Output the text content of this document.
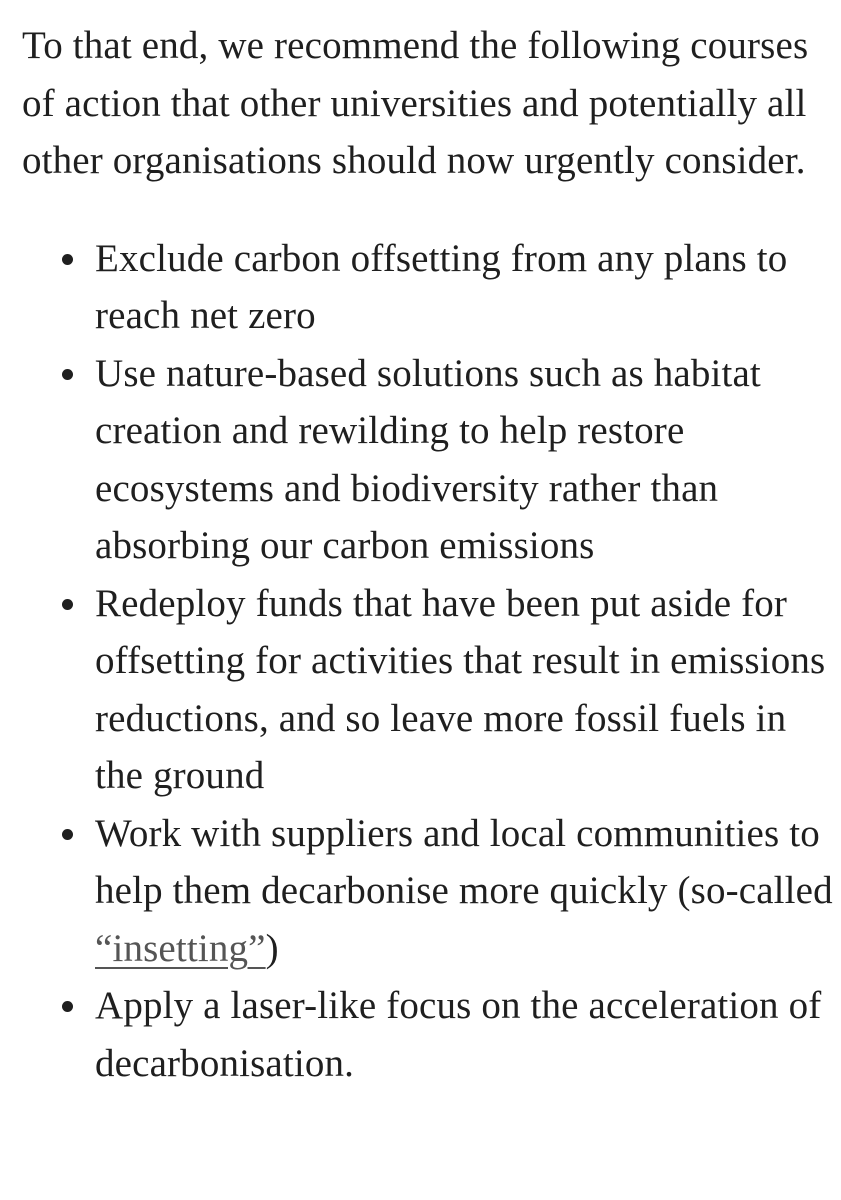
To that end, we recommend the following courses of action that other universities and potentially all other organisations should now urgently consider.

Exclude carbon offsetting from any plans to reach net zero
Use nature-based solutions such as habitat creation and rewilding to help restore ecosystems and biodiversity rather than absorbing our carbon emissions
Redeploy funds that have been put aside for offsetting for activities that result in emissions reductions, and so leave more fossil fuels in the ground
Work with suppliers and local communities to help them decarbonise more quickly (so-called “insetting”)
Apply a laser-like focus on the acceleration of decarbonisation.
